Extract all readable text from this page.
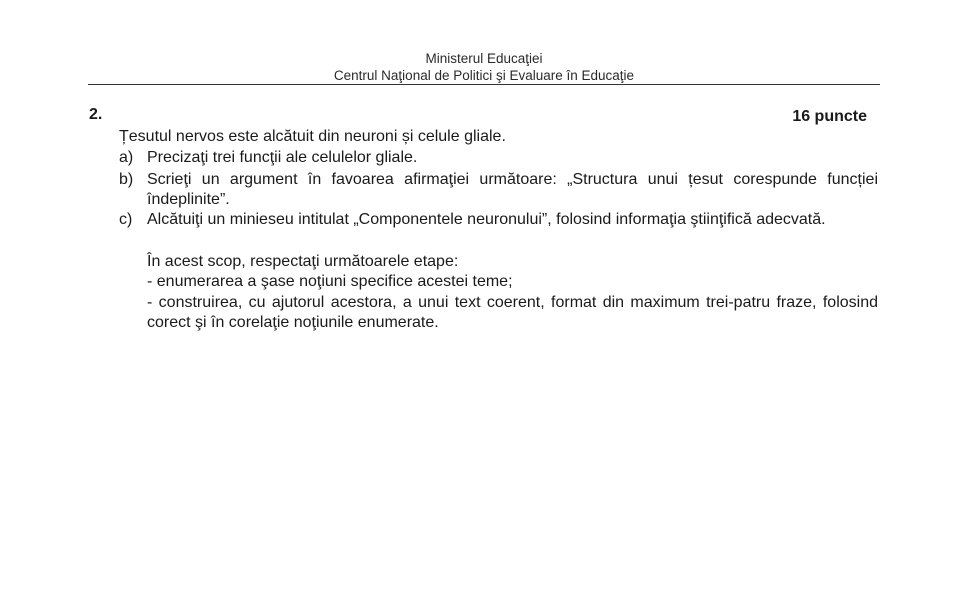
Ministerul Educaţiei
Centrul Naţional de Politici şi Evaluare în Educaţie
2.	16 puncte
Țesutul nervos este alcătuit din neuroni și celule gliale.
a) Precizaţi trei funcţii ale celulelor gliale.
b) Scrieţi un argument în favoarea afirmaţiei următoare: „Structura unui țesut corespunde funcției îndeplinite”.
c) Alcătuiţi un minieseu intitulat „Componentele neuronului”, folosind informaţia ştiinţifică adecvată.
În acest scop, respectaţi următoarele etape:
- enumerarea a şase noţiuni specifice acestei teme;
- construirea, cu ajutorul acestora, a unui text coerent, format din maximum trei-patru fraze, folosind corect şi în corelaţie noţiunile enumerate.
